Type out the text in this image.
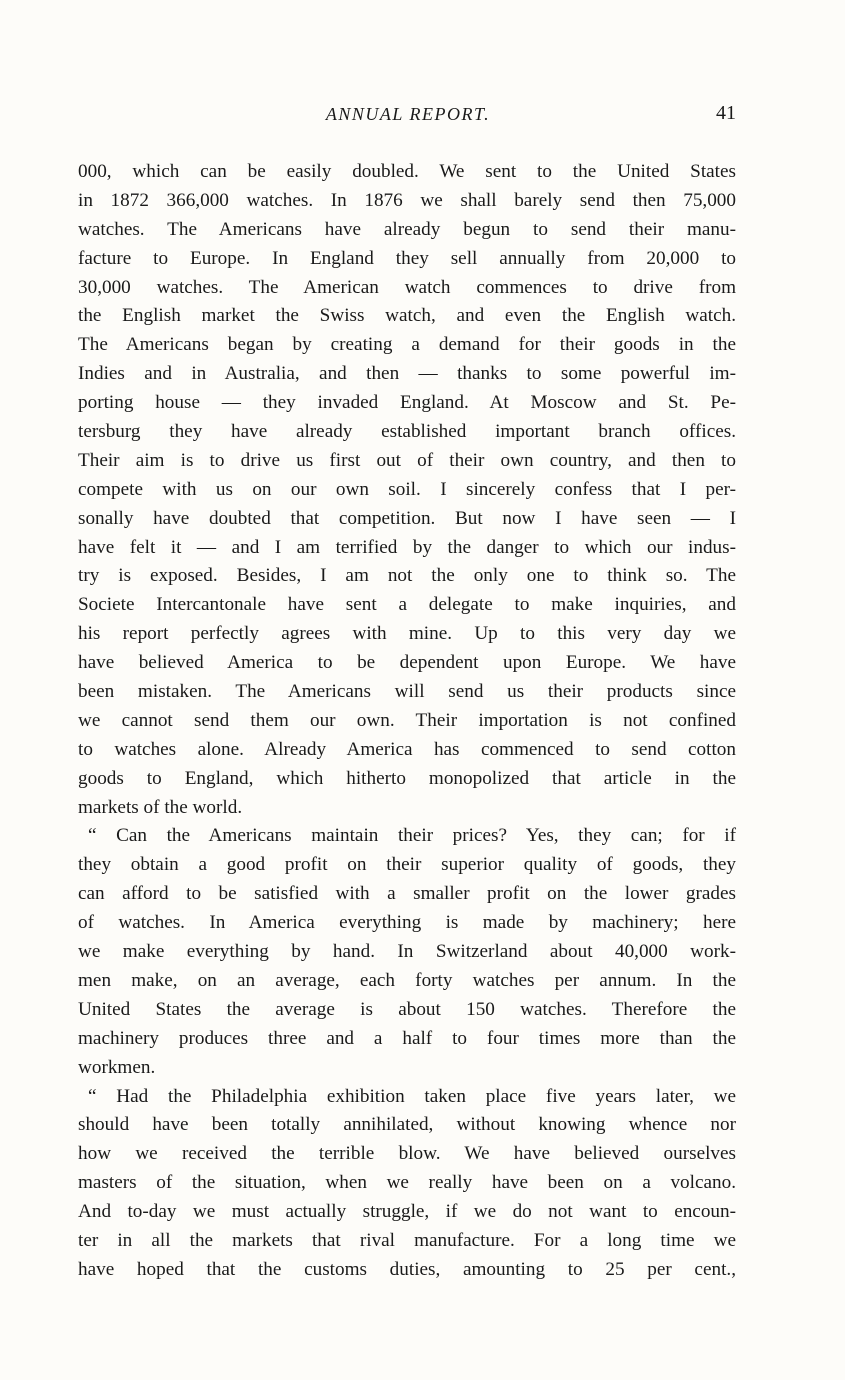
ANNUAL REPORT.	41
000, which can be easily doubled. We sent to the United States
in 1872 366,000 watches. In 1876 we shall barely send then 75,000
watches. The Americans have already begun to send their manu-
facture to Europe. In England they sell annually from 20,000 to
30,000 watches. The American watch commences to drive from
the English market the Swiss watch, and even the English watch.
The Americans began by creating a demand for their goods in the
Indies and in Australia, and then — thanks to some powerful im-
porting house — they invaded England. At Moscow and St. Pe-
tersburg they have already established important branch offices.
Their aim is to drive us first out of their own country, and then to
compete with us on our own soil. I sincerely confess that I per-
sonally have doubted that competition. But now I have seen — I
have felt it — and I am terrified by the danger to which our indus-
try is exposed. Besides, I am not the only one to think so. The
Societe Intercantonale have sent a delegate to make inquiries, and
his report perfectly agrees with mine. Up to this very day we
have believed America to be dependent upon Europe. We have
been mistaken. The Americans will send us their products since
we cannot send them our own. Their importation is not confined
to watches alone. Already America has commenced to send cotton
goods to England, which hitherto monopolized that article in the
markets of the world.
“ Can the Americans maintain their prices? Yes, they can; for if
they obtain a good profit on their superior quality of goods, they
can afford to be satisfied with a smaller profit on the lower grades
of watches. In America everything is made by machinery; here
we make everything by hand. In Switzerland about 40,000 work-
men make, on an average, each forty watches per annum. In the
United States the average is about 150 watches. Therefore the
machinery produces three and a half to four times more than the
workmen.
“ Had the Philadelphia exhibition taken place five years later, we
should have been totally annihilated, without knowing whence nor
how we received the terrible blow. We have believed ourselves
masters of the situation, when we really have been on a volcano.
And to-day we must actually struggle, if we do not want to encoun-
ter in all the markets that rival manufacture. For a long time we
have hoped that the customs duties, amounting to 25 per cent.,
